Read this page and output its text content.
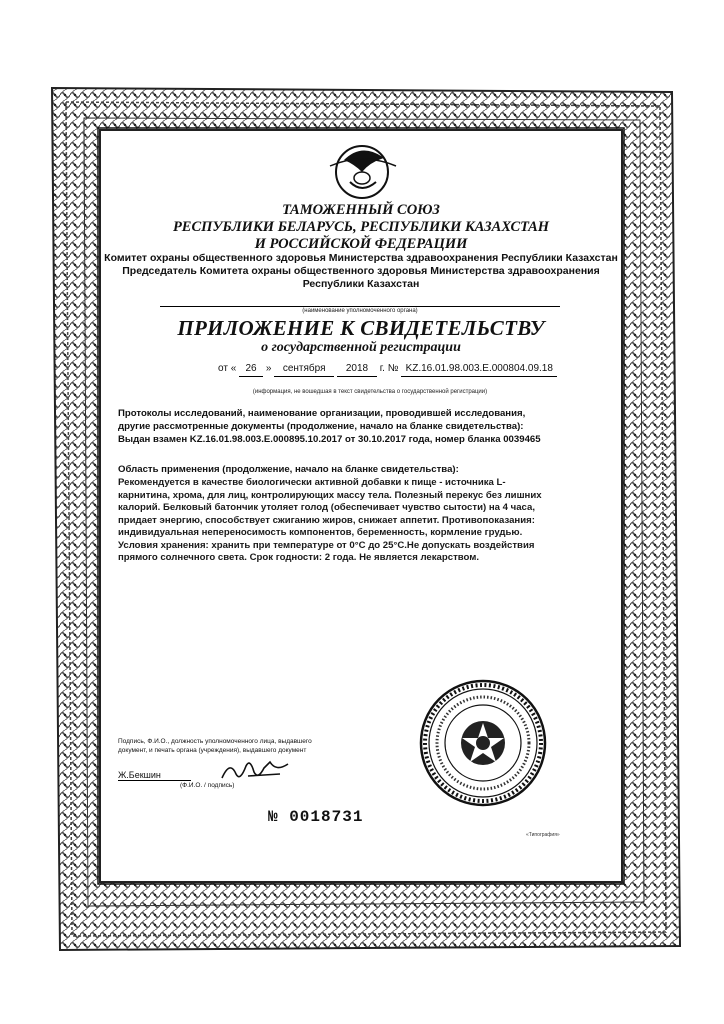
ТАМОЖЕННЫЙ СОЮЗ
РЕСПУБЛИКИ БЕЛАРУСЬ, РЕСПУБЛИКИ КАЗАХСТАН
И РОССИЙСКОЙ ФЕДЕРАЦИИ
Комитет охраны общественного здоровья Министерства здравоохранения Республики Казахстан
Председатель Комитета охраны общественного здоровья Министерства здравоохранения
Республики Казахстан
(наименование уполномоченного органа)
ПРИЛОЖЕНИЕ К СВИДЕТЕЛЬСТВУ
о государственной регистрации
от « 26 » сентября 2018 г. № KZ.16.01.98.003.E.000804.09.18
(информация, не вошедшая в текст свидетельства о государственной регистрации)
Протоколы исследований, наименование организации, проводившей исследования, другие рассмотренные документы (продолжение, начало на бланке свидетельства):
Выдан взамен KZ.16.01.98.003.E.000895.10.2017 от 30.10.2017 года, номер бланка 0039465
Область применения (продолжение, начало на бланке свидетельства):
Рекомендуется в качестве биологически активной добавки к пище - источника L-карнитина, хрома, для лиц, контролирующих массу тела. Полезный перекус без лишних калорий. Белковый батончик утоляет голод (обеспечивает чувство сытости) на 4 часа, придает энергию, способствует сжиганию жиров, снижает аппетит. Противопоказания: индивидуальная непереносимость компонентов, беременность, кормление грудью. Условия хранения: хранить при температуре от 0°С до 25°С.Не допускать воздействия прямого солнечного света. Срок годности: 2 года. Не является лекарством.
Подпись, Ф.И.О., должность уполномоченного лица, выдавшего документ, и печать органа (учреждения), выдавшего документ
Ж.Бекшин
(Ф.И.О. / подпись)
№ 0018731
«Типография»
